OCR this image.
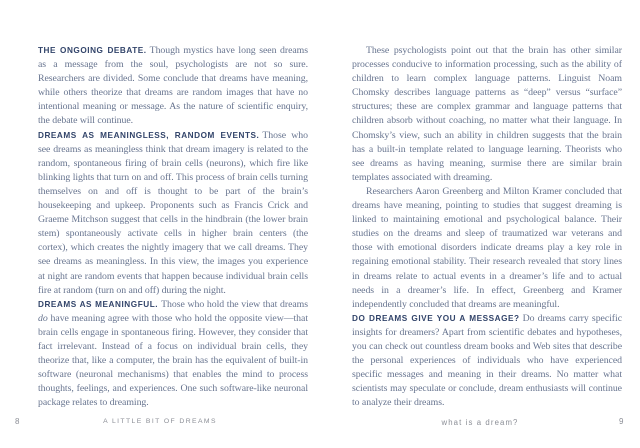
THE ONGOING DEBATE. Though mystics have long seen dreams as a message from the soul, psychologists are not so sure. Researchers are divided. Some conclude that dreams have meaning, while others theorize that dreams are random images that have no intentional meaning or message. As the nature of scientific enquiry, the debate will continue.

DREAMS AS MEANINGLESS, RANDOM EVENTS. Those who see dreams as meaningless think that dream imagery is related to the random, spontaneous firing of brain cells (neurons), which fire like blinking lights that turn on and off. This process of brain cells turning themselves on and off is thought to be part of the brain’s housekeeping and upkeep. Proponents such as Francis Crick and Graeme Mitchson suggest that cells in the hindbrain (the lower brain stem) spontaneously activate cells in higher brain centers (the cortex), which creates the nightly imagery that we call dreams. They see dreams as meaningless. In this view, the images you experience at night are random events that happen because individual brain cells fire at random (turn on and off) during the night.

DREAMS AS MEANINGFUL. Those who hold the view that dreams do have meaning agree with those who hold the opposite view—that brain cells engage in spontaneous firing. However, they consider that fact irrelevant. Instead of a focus on individual brain cells, they theorize that, like a computer, the brain has the equivalent of built-in software (neuronal mechanisms) that enables the mind to process thoughts, feelings, and experiences. One such software-like neuronal package relates to dreaming.

These psychologists point out that the brain has other similar processes conducive to information processing, such as the ability of children to learn complex language patterns. Linguist Noam Chomsky describes language patterns as “deep” versus “surface” structures; these are complex grammar and language patterns that children absorb without coaching, no matter what their language. In Chomsky’s view, such an ability in children suggests that the brain has a built-in template related to language learning. Theorists who see dreams as having meaning, surmise there are similar brain templates associated with dreaming.

Researchers Aaron Greenberg and Milton Kramer concluded that dreams have meaning, pointing to studies that suggest dreaming is linked to maintaining emotional and psychological balance. Their studies on the dreams and sleep of traumatized war veterans and those with emotional disorders indicate dreams play a key role in regaining emotional stability. Their research revealed that story lines in dreams relate to actual events in a dreamer’s life and to actual needs in a dreamer’s life. In effect, Greenberg and Kramer independently concluded that dreams are meaningful.

DO DREAMS GIVE YOU A MESSAGE? Do dreams carry specific insights for dreamers? Apart from scientific debates and hypotheses, you can check out countless dream books and Web sites that describe the personal experiences of individuals who have experienced specific messages and meaning in their dreams. No matter what scientists may speculate or conclude, dream enthusiasts will continue to analyze their dreams.

8	A LITTLE BIT OF DREAMS	what is a dream?	9
